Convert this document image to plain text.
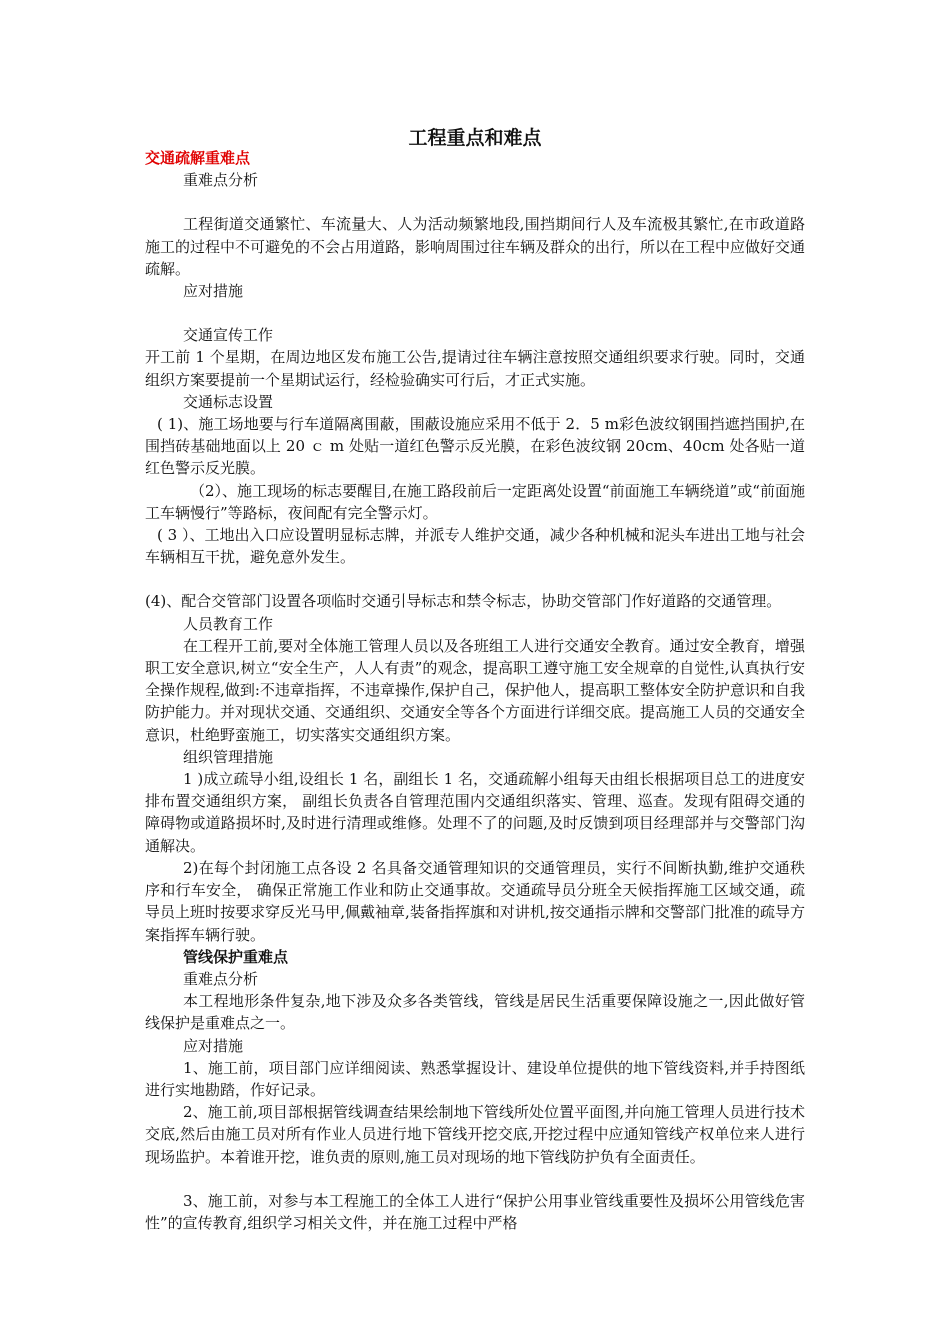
工程重点和难点

交通疏解重难点

重难点分析

工程街道交通繁忙、车流量大、人为活动频繁地段,围挡期间行人及车流极其繁忙,在市政道路施工的过程中不可避免的不会占用道路，影响周围过往车辆及群众的出行，所以在工程中应做好交通疏解。

应对措施

交通宣传工作

开工前 1 个星期，在周边地区发布施工公告,提请过往车辆注意按照交通组织要求行驶。同时，交通组织方案要提前一个星期试运行，经检验确实可行后，才正式实施。

交通标志设置

( 1)、施工场地要与行车道隔离围蔽，围蔽设施应采用不低于 2．5 m彩色波纹钢围挡遮挡围护,在围挡砖基础地面以上 20 ｃ m 处贴一道红色警示反光膜，在彩色波纹钢 20cm、40cm 处各贴一道红色警示反光膜。

（2）、施工现场的标志要醒目,在施工路段前后一定距离处设置“前面施工车辆绕道”或“前面施工车辆慢行”等路标，夜间配有完全警示灯。

( 3 ）、工地出入口应设置明显标志牌，并派专人维护交通，减少各种机械和泥头车进出工地与社会车辆相互干扰，避免意外发生。

(4)、配合交管部门设置各项临时交通引导标志和禁令标志，协助交管部门作好道路的交通管理。

人员教育工作

在工程开工前,要对全体施工管理人员以及各班组工人进行交通安全教育。通过安全教育，增强职工安全意识,树立“安全生产，人人有责”的观念，提高职工遵守施工安全规章的自觉性,认真执行安全操作规程,做到:不违章指挥，不违章操作,保护自己，保护他人，提高职工整体安全防护意识和自我防护能力。并对现状交通、交通组织、交通安全等各个方面进行详细交底。提高施工人员的交通安全意识，杜绝野蛮施工，切实落实交通组织方案。

组织管理措施

1 )成立疏导小组,设组长 1 名，副组长 1 名，交通疏解小组每天由组长根据项目总工的进度安排布置交通组织方案， 副组长负责各自管理范围内交通组织落实、管理、巡查。发现有阻碍交通的障碍物或道路损坏时,及时进行清理或维修。处理不了的问题,及时反馈到项目经理部并与交警部门沟通解决。

2)在每个封闭施工点各设 2 名具备交通管理知识的交通管理员，实行不间断执勤,维护交通秩序和行车安全， 确保正常施工作业和防止交通事故。交通疏导员分班全天候指挥施工区域交通，疏导员上班时按要求穿反光马甲,佩戴袖章,装备指挥旗和对讲机,按交通指示牌和交警部门批准的疏导方案指挥车辆行驶。

管线保护重难点

重难点分析

本工程地形条件复杂,地下涉及众多各类管线，管线是居民生活重要保障设施之一,因此做好管线保护是重难点之一。

应对措施

1、施工前，项目部门应详细阅读、熟悉掌握设计、建设单位提供的地下管线资料,并手持图纸进行实地勘踏，作好记录。

2、施工前,项目部根据管线调查结果绘制地下管线所处位置平面图,并向施工管理人员进行技术交底,然后由施工员对所有作业人员进行地下管线开挖交底,开挖过程中应通知管线产权单位来人进行现场监护。本着谁开挖，谁负责的原则,施工员对现场的地下管线防护负有全面责任。

3、施工前，对参与本工程施工的全体工人进行“保护公用事业管线重要性及损坏公用管线危害性”的宣传教育,组织学习相关文件，并在施工过程中严格
